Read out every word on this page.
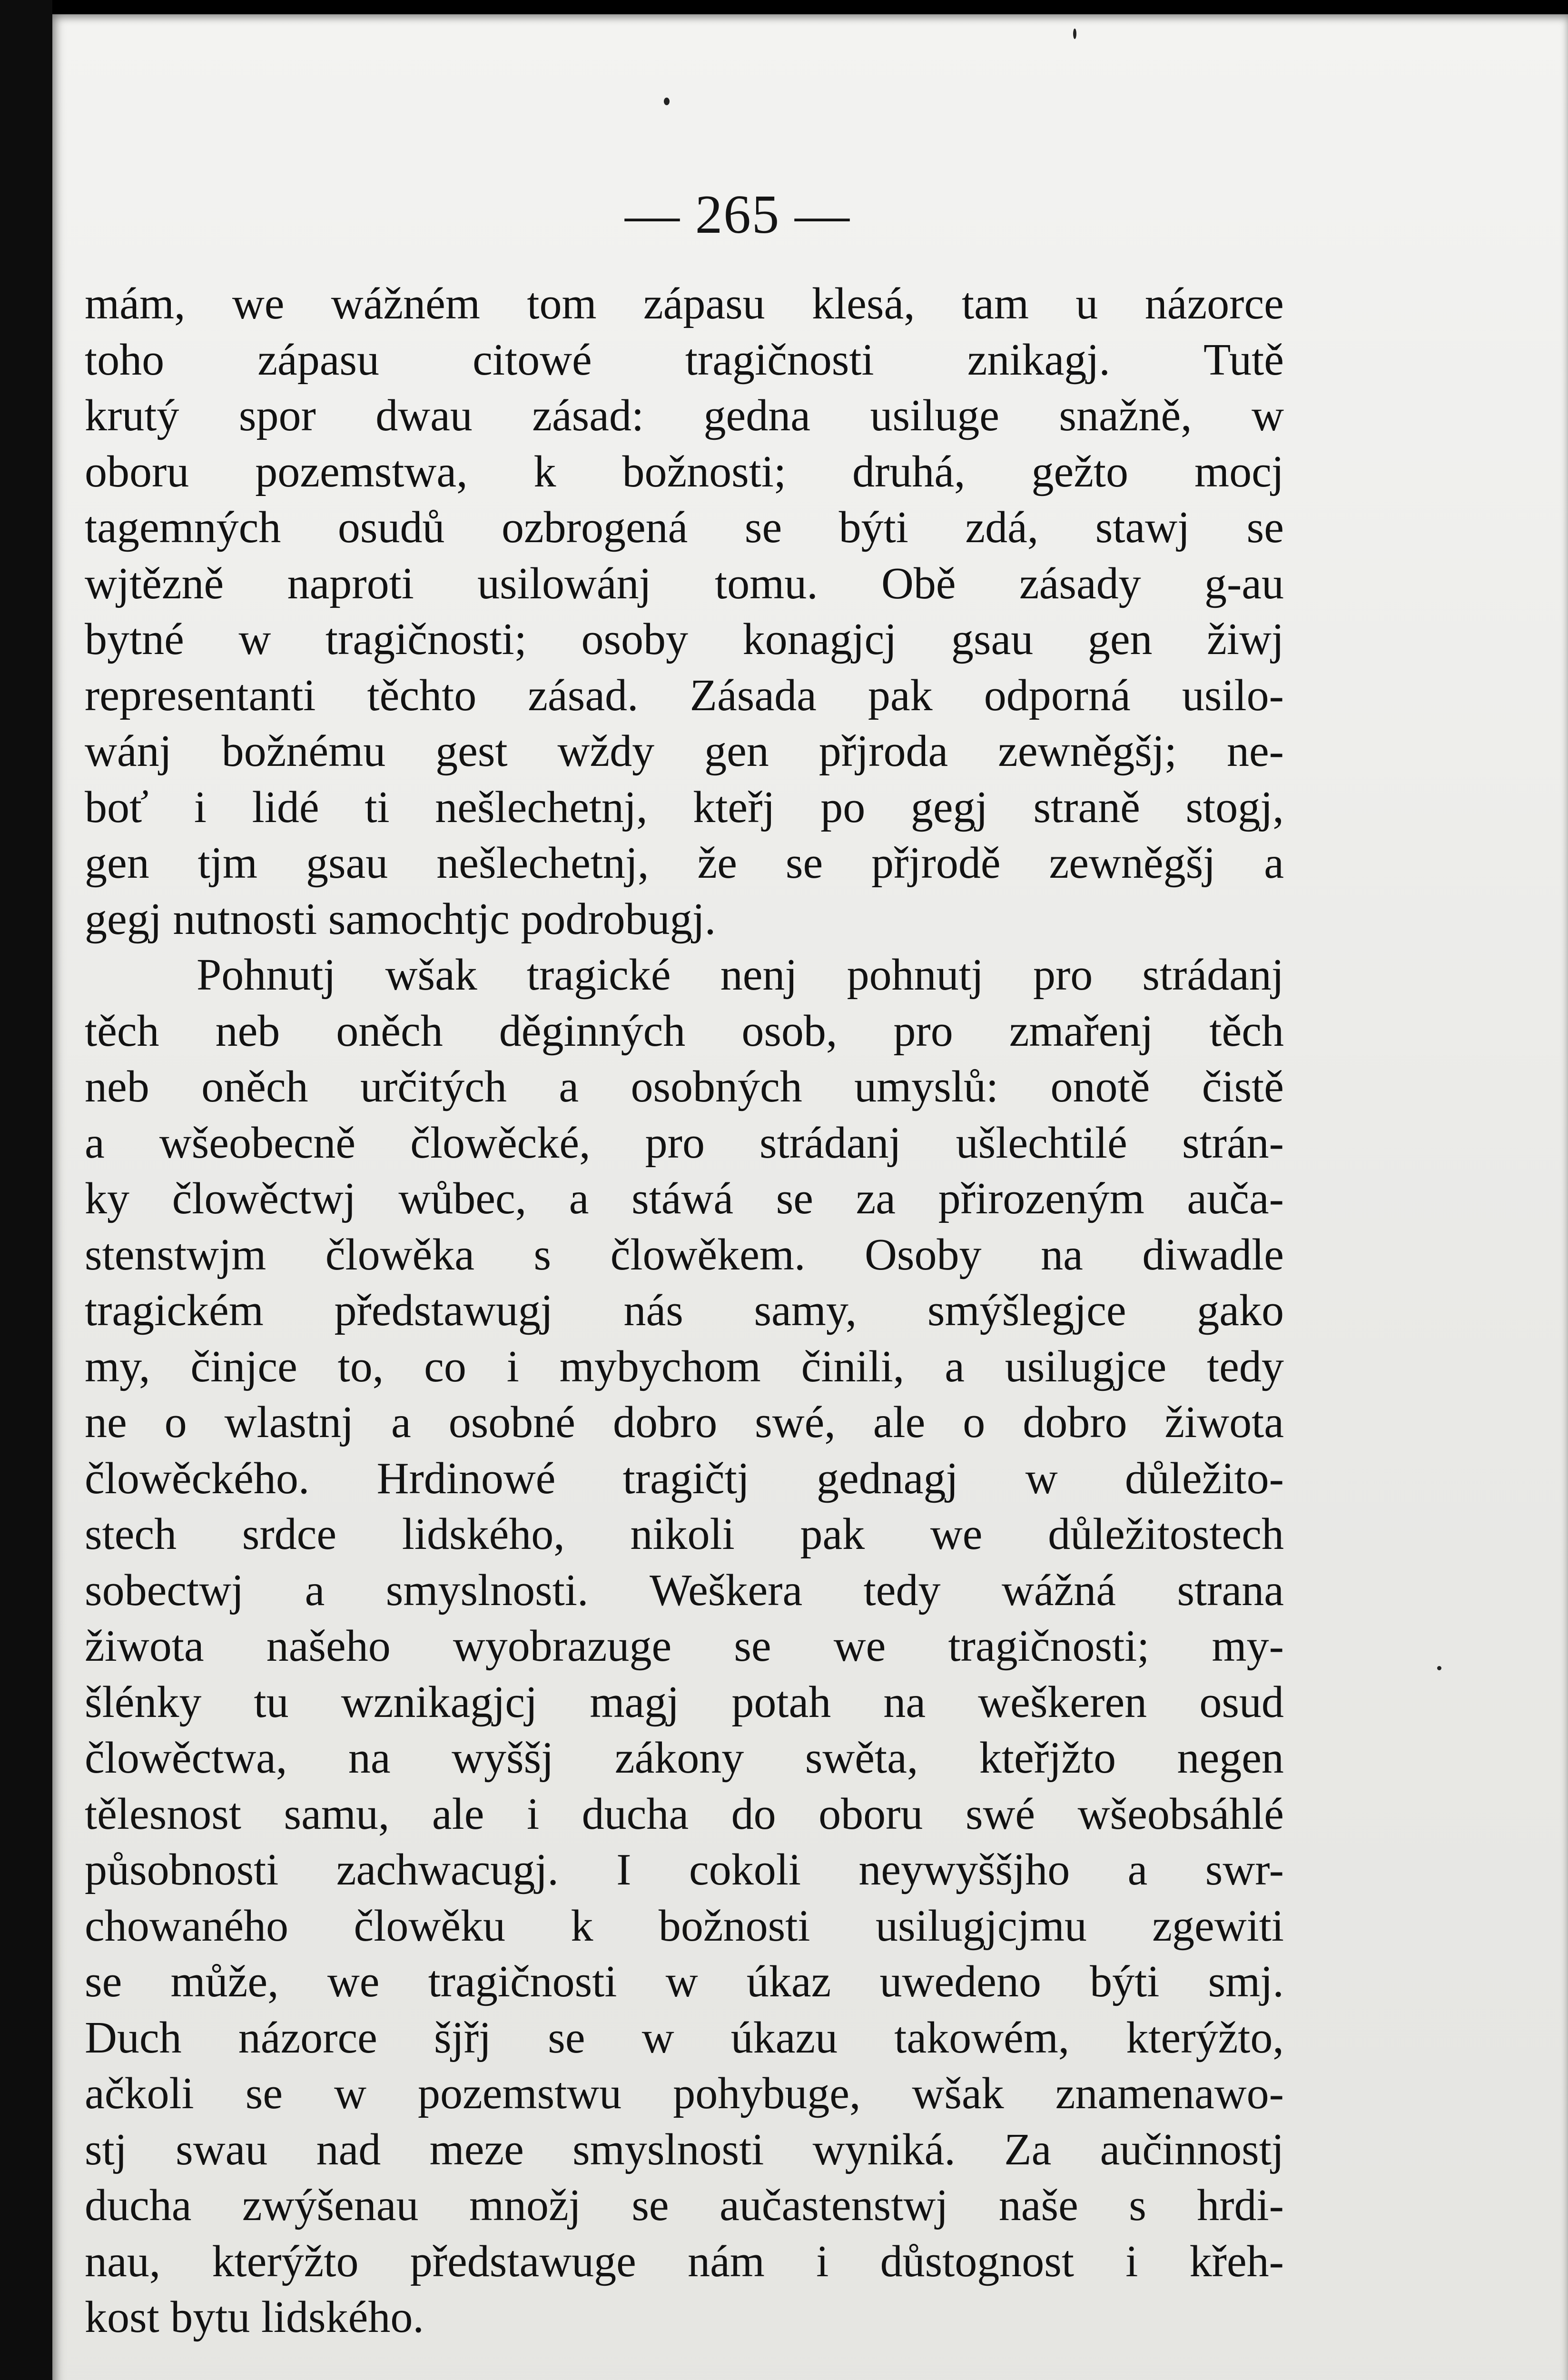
— 265 —
mám, we wážném tom zápasu klesá, tam u názorce
toho zápasu citowé tragičnosti znikagj. Tutě
krutý spor dwau zásad: gedna usiluge snažně, w
oboru pozemstwa, k božnosti; druhá, gežto mocj
tagemných osudů ozbrogená se býti zdá, stawj se
wjtězně naproti usilowánj tomu. Obě zásady g-au
bytné w tragičnosti; osoby konagjcj gsau gen žiwj
representanti těchto zásad. Zásada pak odporná usilo-
wánj božnému gest wždy gen přjroda zewněgšj; ne-
boť i lidé ti nešlechetnj, kteřj po gegj straně stogj,
gen tjm gsau nešlechetnj, že se přjrodě zewněgšj a
gegj nutnosti samochtjc podrobugj.
Pohnutj wšak tragické nenj pohnutj pro strádanj
těch neb oněch děginných osob, pro zmařenj těch
neb oněch určitých a osobných umyslů: onotě čistě
a wšeobecně člowěcké, pro strádanj ušlechtilé strán-
ky člowěctwj wůbec, a stáwá se za přirozeným aučа-
stenstwjm člowěka s člowěkem. Osoby na diwadle
tragickém předstawugj nás samy, smýšlegjce gako
my, činjce to, co i mybychom činili, a usilugjce tedy
ne o wlastnj a osobné dobro swé, ale o dobro žiwota
člowěckého. Hrdinowé tragičtj gednagj w důležito-
stech srdce lidského, nikoli pak we důležitostech
sobectwj a smyslnosti. Weškera tedy wážná strana
žiwota našeho wyobrazuge se we tragičnosti; my-
šlénky tu wznikagjcj magj potah na weškeren osud
člowěctwa, na wyššj zákony swěta, kteřjžto negen
tělesnost samu, ale i ducha do oboru swé wšeobsáhlé
působnosti zachwacugj. I cokoli neywyššjho a swr-
chowaného člowěku k božnosti usilugjcjmu zgewiti
se může, we tragičnosti w úkaz uwedeno býti smj.
Duch názorce šjřj se w úkazu takowém, kterýžto,
ačkoli se w pozemstwu pohybuge, wšak znamenawo-
stj swau nad meze smyslnosti wyniká. Za aučinnostj
ducha zwýšenau množj se aučastenstwj naše s hrdi-
nau, kterýžto předstawuge nám i důstognost i křeh-
kost bytu lidského.
